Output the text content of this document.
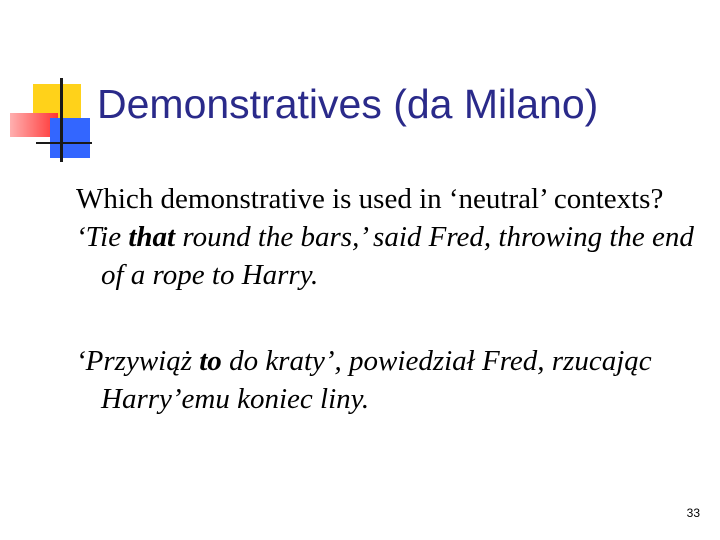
Demonstratives (da Milano)

Which demonstrative is used in ‘neutral’ contexts?

‘Tie that round the bars,’ said Fred, throwing the end of a rope to Harry.

‘Przywiąż to do kraty’, powiedział Fred, rzucając Harry’emu koniec liny.

33
